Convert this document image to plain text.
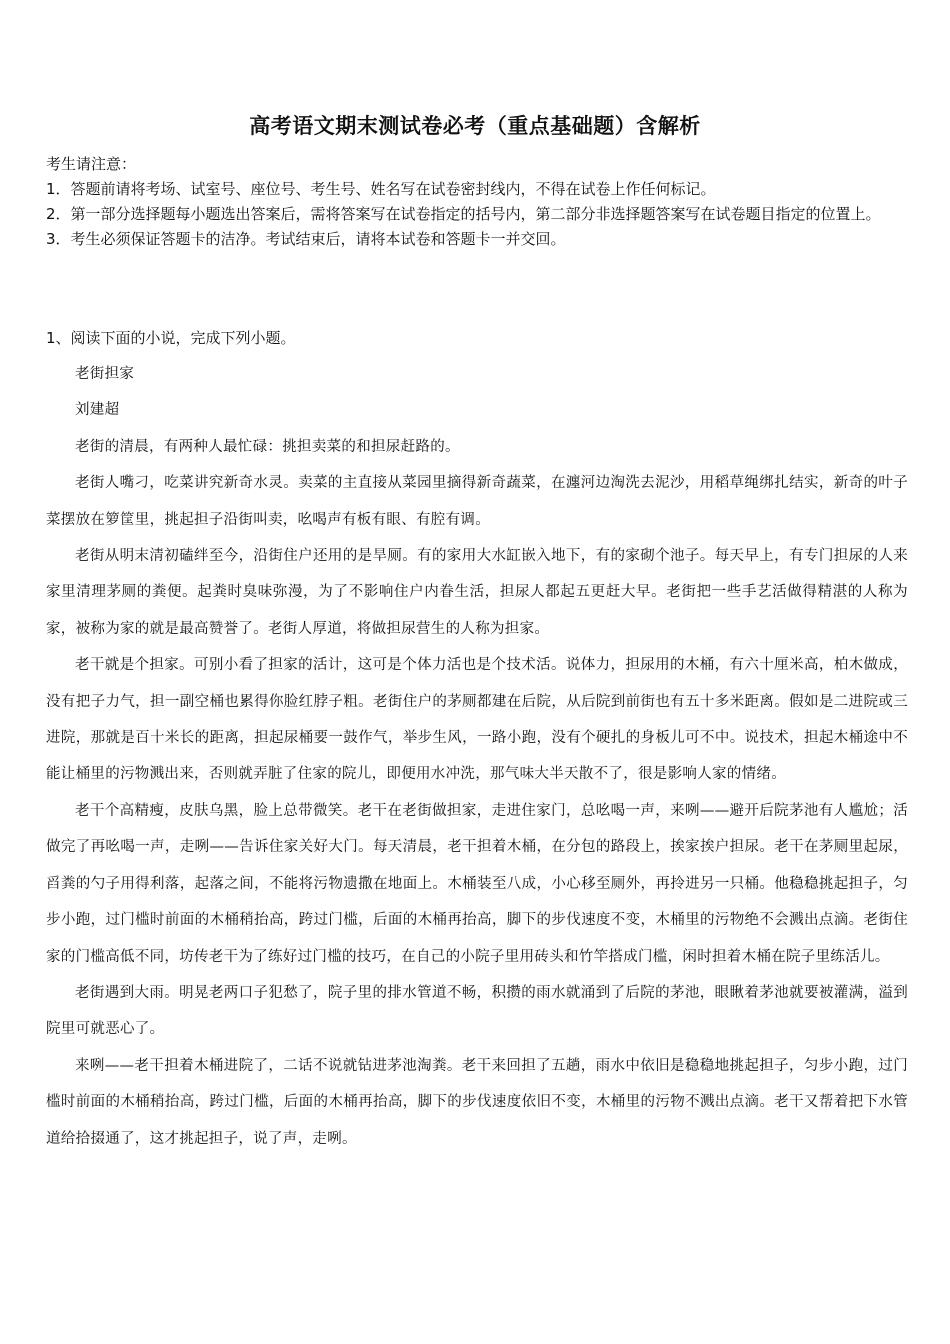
高考语文期末测试卷必考（重点基础题）含解析
考生请注意：
1．答题前请将考场、试室号、座位号、考生号、姓名写在试卷密封线内，不得在试卷上作任何标记。
2．第一部分选择题每小题选出答案后，需将答案写在试卷指定的括号内，第二部分非选择题答案写在试卷题目指定的位置上。
3．考生必须保证答题卡的洁净。考试结束后，请将本试卷和答题卡一并交回。
1、阅读下面的小说，完成下列小题。

老街担家

刘建超

老街的清晨，有两种人最忙碌：挑担卖菜的和担尿赶路的。

老街人嘴刁，吃菜讲究新奇水灵。卖菜的主直接从菜园里摘得新奇蔬菜，在瀍河边淘洗去泥沙，用稻草绳绑扎结实，新奇的叶子菜摆放在箩筐里，挑起担子沿街叫卖，吆喝声有板有眼、有腔有调。

老街从明末清初磕绊至今，沿街住户还用的是旱厕。有的家用大水缸嵌入地下，有的家砌个池子。每天早上，有专门担尿的人来家里清理茅厕的粪便。起粪时臭味弥漫，为了不影响住户内眷生活，担尿人都起五更赶大早。老街把一些手艺活做得精湛的人称为家，被称为家的就是最高赞誉了。老街人厚道，将做担尿营生的人称为担家。

老干就是个担家。可别小看了担家的活计，这可是个体力活也是个技术活。说体力，担尿用的木桶，有六十厘米高，柏木做成，没有把子力气，担一副空桶也累得你脸红脖子粗。老街住户的茅厕都建在后院，从后院到前街也有五十多米距离。假如是二进院或三进院，那就是百十米长的距离，担起尿桶要一鼓作气，举步生风，一路小跑，没有个硬扎的身板儿可不中。说技术，担起木桶途中不能让桶里的污物溅出来，否则就弄脏了住家的院儿，即便用水冲洗，那气味大半天散不了，很是影响人家的情绪。

老干个高精瘦，皮肤乌黑，脸上总带微笑。老干在老街做担家，走进住家门，总吆喝一声，来咧——避开后院茅池有人尴尬；活做完了再吆喝一声，走咧——告诉住家关好大门。每天清晨，老干担着木桶，在分包的路段上，挨家挨户担尿。老干在茅厕里起尿，舀粪的勺子用得利落，起落之间，不能将污物遗撒在地面上。木桶装至八成，小心移至厕外，再拎进另一只桶。他稳稳挑起担子，匀步小跑，过门槛时前面的木桶稍抬高，跨过门槛，后面的木桶再抬高，脚下的步伐速度不变，木桶里的污物绝不会溅出点滴。老街住家的门槛高低不同，坊传老干为了练好过门槛的技巧，在自己的小院子里用砖头和竹竿搭成门槛，闲时担着木桶在院子里练活儿。

老街遇到大雨。明晃老两口子犯愁了，院子里的排水管道不畅，积攒的雨水就涌到了后院的茅池，眼瞅着茅池就要被灌满，溢到院里可就恶心了。

来咧——老干担着木桶进院了，二话不说就钻进茅池淘粪。老干来回担了五趟，雨水中依旧是稳稳地挑起担子，匀步小跑，过门槛时前面的木桶稍抬高，跨过门槛，后面的木桶再抬高，脚下的步伐速度依旧不变，木桶里的污物不溅出点滴。老干又帮着把下水管道给拾掇通了，这才挑起担子，说了声，走咧。
